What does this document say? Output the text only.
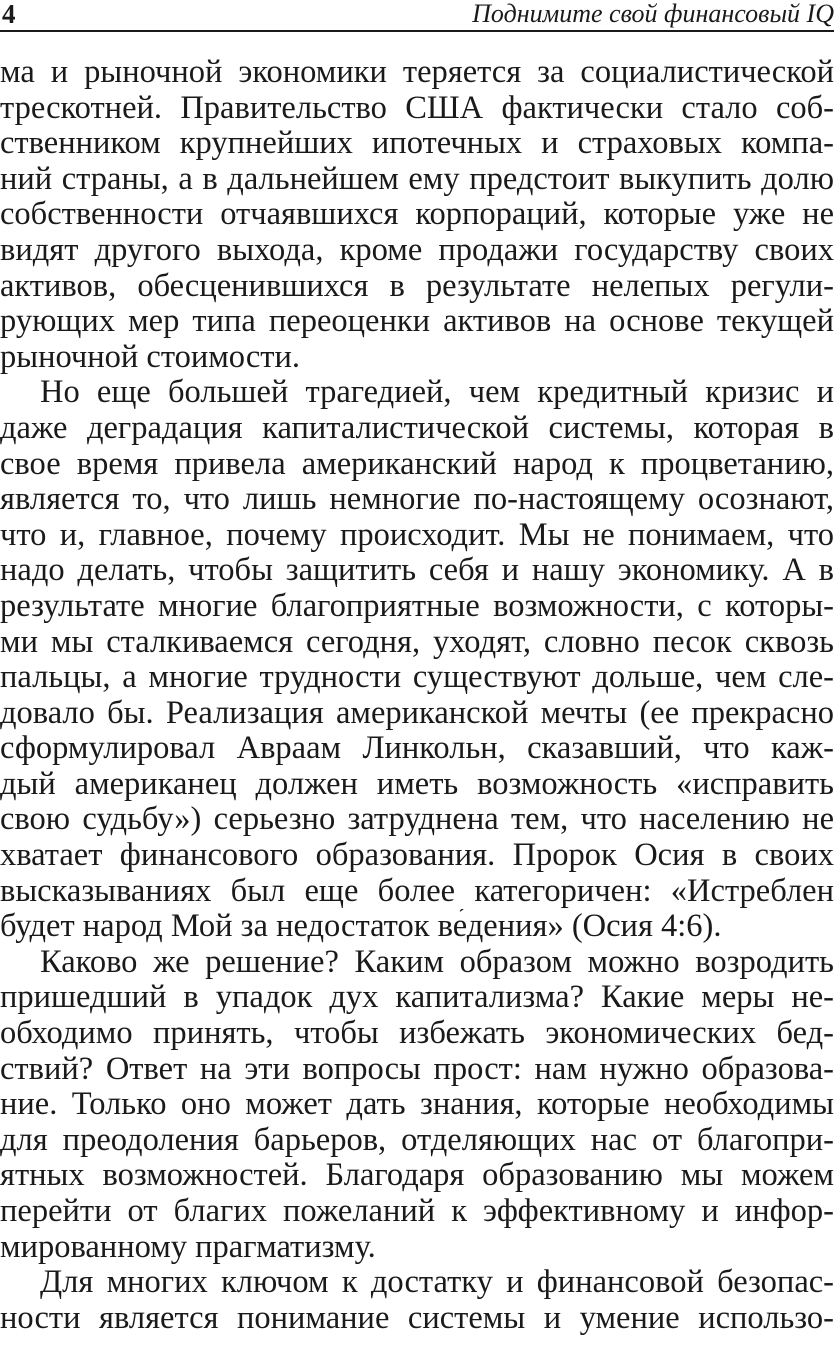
4	Поднимите свой финансовый IQ
ма и рыночной экономики теряется за социалистической
трескотней. Правительство США фактически стало соб-
ственником крупнейших ипотечных и страховых компа-
ний страны, а в дальнейшем ему предстоит выкупить долю
собственности отчаявшихся корпораций, которые уже не
видят другого выхода, кроме продажи государству своих
активов, обесценившихся в результате нелепых регули-
рующих мер типа переоценки активов на основе текущей
рыночной стоимости.
Но еще большей трагедией, чем кредитный кризис и
даже деградация капиталистической системы, которая в
свое время привела американский народ к процветанию,
является то, что лишь немногие по-настоящему осознают,
что и, главное, почему происходит. Мы не понимаем, что
надо делать, чтобы защитить себя и нашу экономику. А в
результате многие благоприятные возможности, с которы-
ми мы сталкиваемся сегодня, уходят, словно песок сквозь
пальцы, а многие трудности существуют дольше, чем сле-
довало бы. Реализация американской мечты (ее прекрасно
сформулировал Авраам Линкольн, сказавший, что каж-
дый американец должен иметь возможность «исправить
свою судьбу») серьезно затруднена тем, что населению не
хватает финансового образования. Пророк Осия в своих
высказываниях был еще более категоричен: «Истреблен
будет народ Мой за недостаток ве́дения» (Осия 4:6).
Каково же решение? Каким образом можно возродить
пришедший в упадок дух капитализма? Какие меры не-
обходимо принять, чтобы избежать экономических бед-
ствий? Ответ на эти вопросы прост: нам нужно образова-
ние. Только оно может дать знания, которые необходимы
для преодоления барьеров, отделяющих нас от благопри-
ятных возможностей. Благодаря образованию мы можем
перейти от благих пожеланий к эффективному и инфор-
мированному прагматизму.
Для многих ключом к достатку и финансовой безопас-
ности является понимание системы и умение использо-
